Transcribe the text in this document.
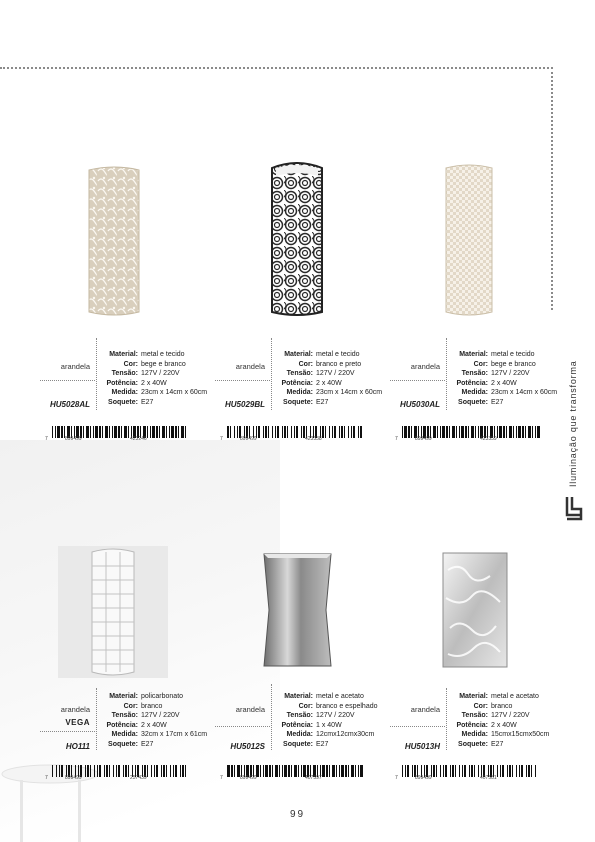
Iluminação que transforma
arandela
HU5028AL
Material: metal e tecido
Cor: bege e branco
Tensão: 127V / 220V
Potência: 2 x 40W
Medida: 23cm x 14cm x 60cm
Soquete: E27
7	899499	423246
arandela
HU5029BL
Material: metal e tecido
Cor: branco e preto
Tensão: 127V / 220V
Potência: 2 x 40W
Medida: 23cm x 14cm x 60cm
Soquete: E27
7	899499	423338
arandela
HU5030AL
Material: metal e tecido
Cor: bege e branco
Tensão: 127V / 220V
Potência: 2 x 40W
Medida: 23cm x 14cm x 60cm
Soquete: E27
7	899499	423359
arandela
VEGA
HO111
Material: policarbonato
Cor: branco
Tensão: 127V / 220V
Potência: 2 x 40W
Medida: 32cm x 17cm x 61cm
Soquete: E27
7	899499	257439
arandela
HU5012S
Material: metal e acetato
Cor: branco e espelhado
Tensão: 127V / 220V
Potência: 1 x 40W
Medida: 12cmx12cmx30cm
Soquete: E27
7	899499	407597
arandela
HU5013H
Material: metal e acetato
Cor: branco
Tensão: 127V / 220V
Potência: 2 x 40W
Medida: 15cmx15cmx50cm
Soquete: E27
7	899499	407581
99
